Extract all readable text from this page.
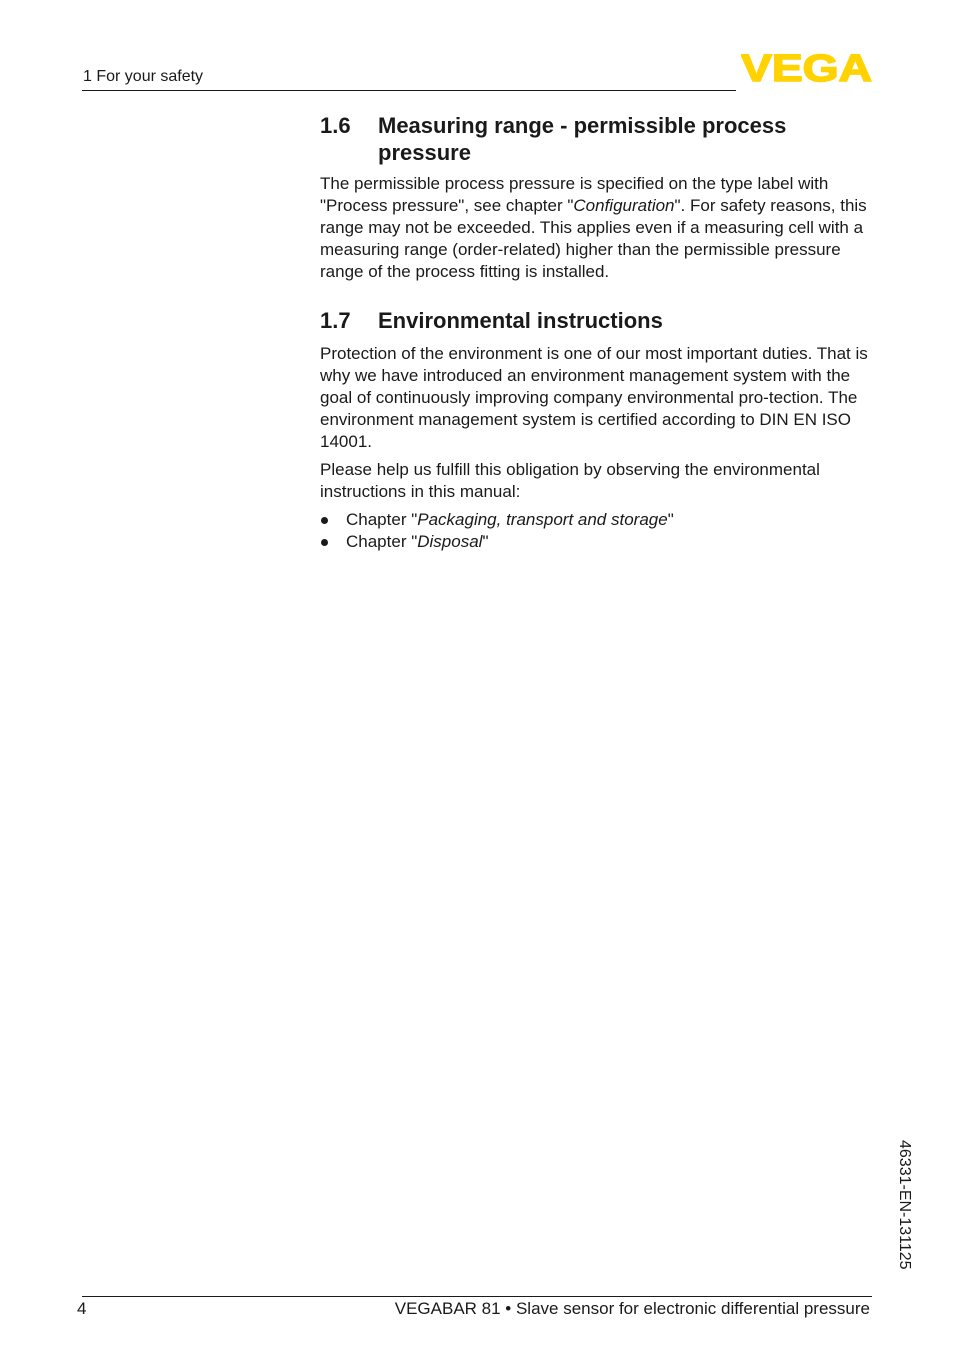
1 For your safety	VEGA
1.6	Measuring range - permissible process pressure

The permissible process pressure is specified on the type label with "Process pressure", see chapter "Configuration". For safety reasons, this range may not be exceeded. This applies even if a measuring cell with a measuring range (order-related) higher than the permissible pressure range of the process fitting is installed.

1.7	Environmental instructions

Protection of the environment is one of our most important duties. That is why we have introduced an environment management system with the goal of continuously improving company environmental pro-tection. The environment management system is certified according to DIN EN ISO 14001.

Please help us fulfill this obligation by observing the environmental instructions in this manual:

Chapter "Packaging, transport and storage"
Chapter "Disposal"
46331-EN-131125
4	VEGABAR 81 • Slave sensor for electronic differential pressure
